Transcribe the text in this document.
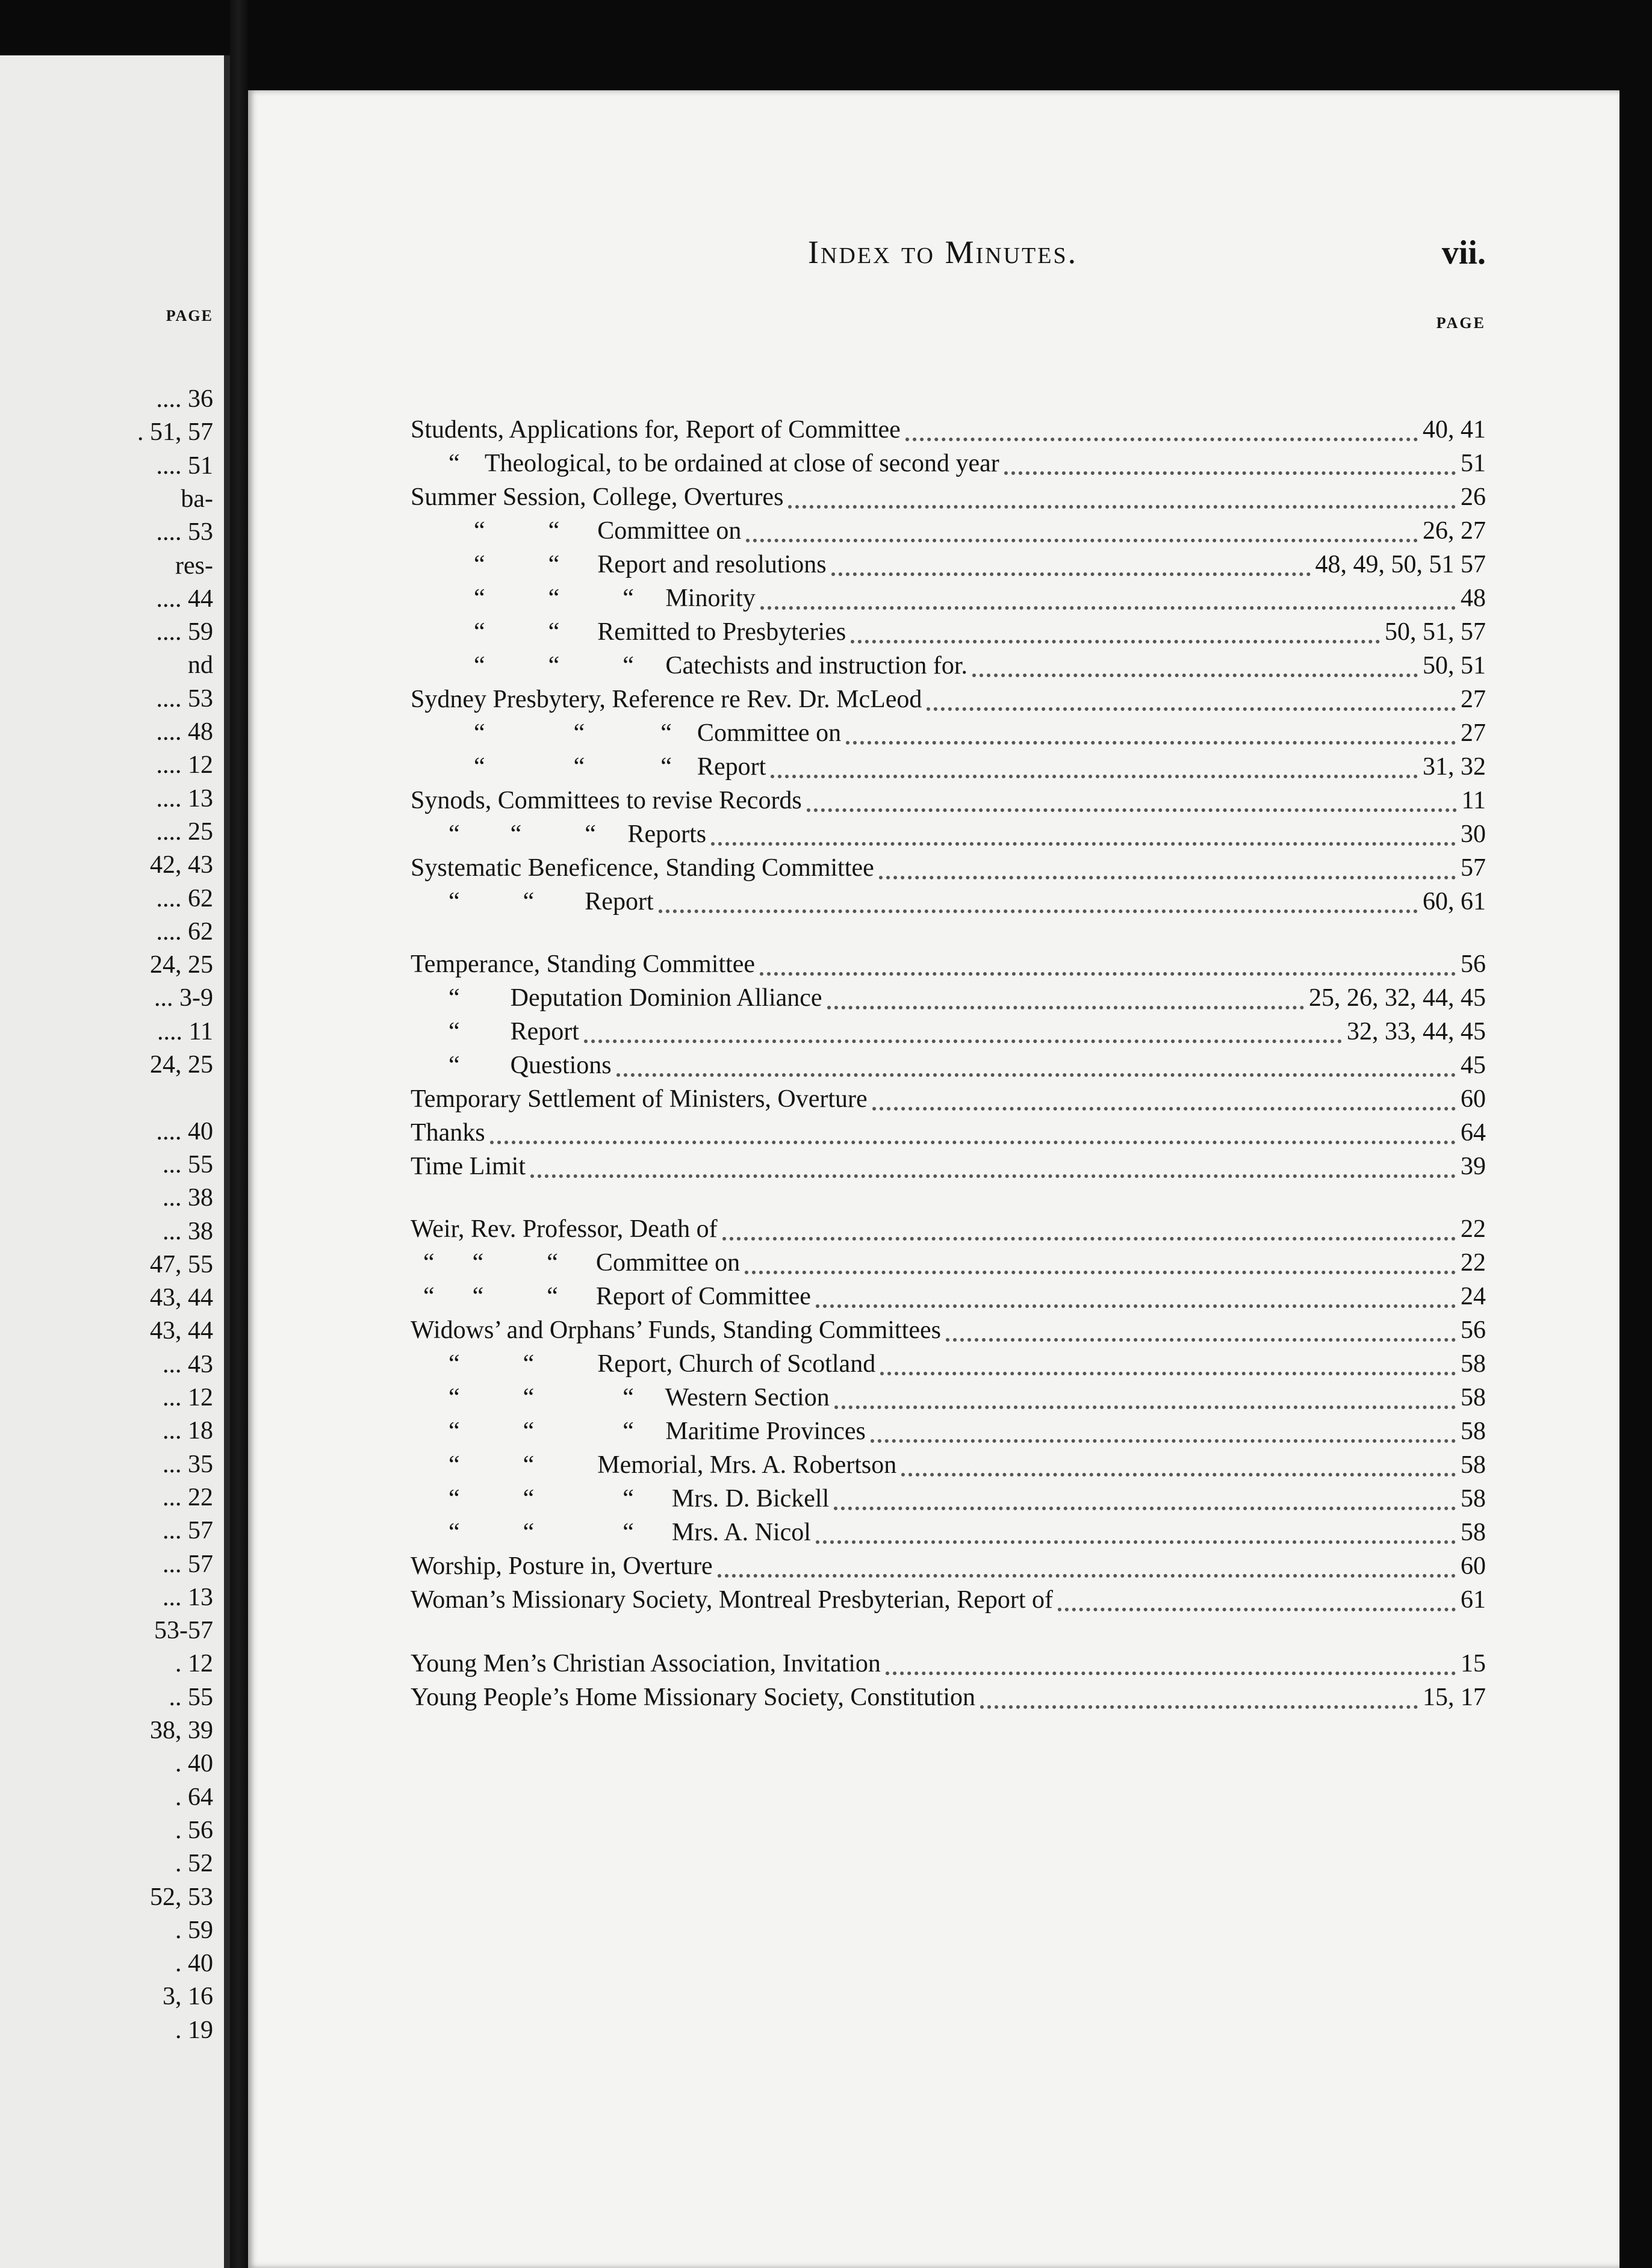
PAGE
.... 36
. 51, 57
.... 51
ba-
.... 53
res-
.... 44
.... 59
nd
.... 53
.... 48
.... 12
.... 13
.... 25
42, 43
.... 62
.... 62
24, 25
... 3-9
.... 11
24, 25
.... 40
... 55
... 38
... 38
47, 55
43, 44
43, 44
... 43
... 12
... 18
... 35
... 22
... 57
... 57
... 13
53-57
. 12
.. 55
38, 39
. 40
. 64
. 56
. 52
52, 53
. 59
. 40
3, 16
. 19
Index to Minutes.	vii.
PAGE
Students, Applications for, Report of Committee	40, 41
“    Theological, to be ordained at close of second year	51
Summer Session, College, Overtures	26
“          “      Committee on	26, 27
“          “      Report and resolutions	48, 49, 50, 51 57
“          “          “     Minority	48
“          “      Remitted to Presbyteries	50, 51, 57
“          “          “     Catechists and instruction for.	50, 51
Sydney Presbytery, Reference re Rev. Dr. McLeod	27
“              “            “    Committee on	27
“              “            “    Report	31, 32
Synods, Committees to revise Records	11
“        “          “     Reports	30
Systematic Beneficence, Standing Committee	57
“          “        Report	60, 61
Temperance, Standing Committee	56
“        Deputation Dominion Alliance	25, 26, 32, 44, 45
“        Report	32, 33, 44, 45
“        Questions	45
Temporary Settlement of Ministers, Overture	60
Thanks	64
Time Limit	39
Weir, Rev. Professor, Death of	22
“      “          “      Committee on	22
“      “          “      Report of Committee	24
Widows’ and Orphans’ Funds, Standing Committees	56
“          “          Report, Church of Scotland	58
“          “              “     Western Section	58
“          “              “     Maritime Provinces	58
“          “          Memorial, Mrs. A. Robertson	58
“          “              “      Mrs. D. Bickell	58
“          “              “      Mrs. A. Nicol	58
Worship, Posture in, Overture	60
Woman’s Missionary Society, Montreal Presbyterian, Report of	61
Young Men’s Christian Association, Invitation	15
Young People’s Home Missionary Society, Constitution	15, 17
